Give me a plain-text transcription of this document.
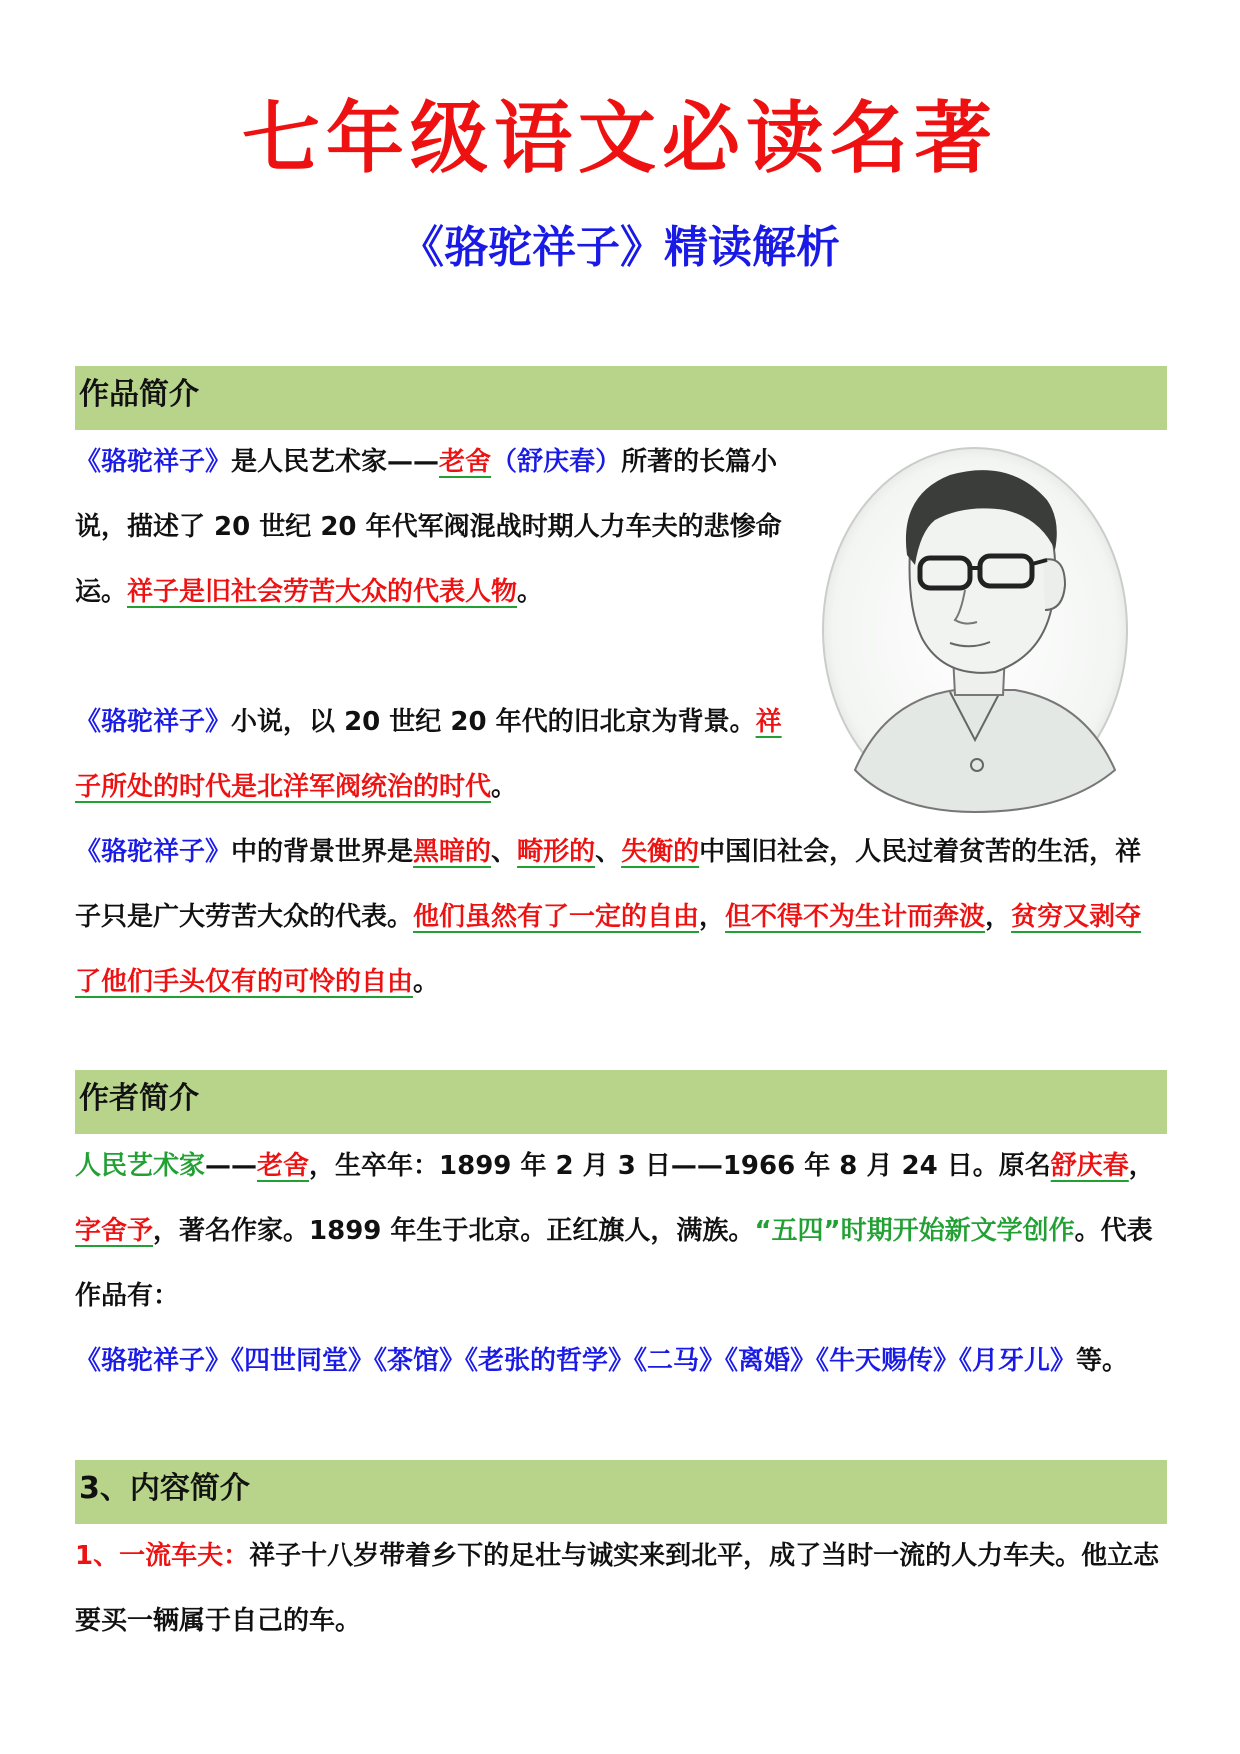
七年级语文必读名著
《骆驼祥子》精读解析
作品简介

《骆驼祥子》是人民艺术家——老舍（舒庆春）所著的长篇小说，描述了 20 世纪 20 年代军阀混战时期人力车夫的悲惨命运。祥子是旧社会劳苦大众的代表人物。

《骆驼祥子》小说，以 20 世纪 20 年代的旧北京为背景。祥子所处的时代是北洋军阀统治的时代。

《骆驼祥子》中的背景世界是黑暗的、畸形的、失衡的中国旧社会，人民过着贫苦的生活，祥子只是广大劳苦大众的代表。他们虽然有了一定的自由，但不得不为生计而奔波，贫穷又剥夺了他们手头仅有的可怜的自由。

作者简介

人民艺术家——老舍，生卒年：1899 年 2 月 3 日——1966 年 8 月 24 日。原名舒庆春，字舍予，著名作家。1899 年生于北京。正红旗人，满族。“五四”时期开始新文学创作。代表作品有：《骆驼祥子》《四世同堂》《茶馆》《老张的哲学》《二马》《离婚》《牛天赐传》《月牙儿》等。

3、内容简介

1、一流车夫：祥子十八岁带着乡下的足壮与诚实来到北平，成了当时一流的人力车夫。他立志要买一辆属于自己的车。
